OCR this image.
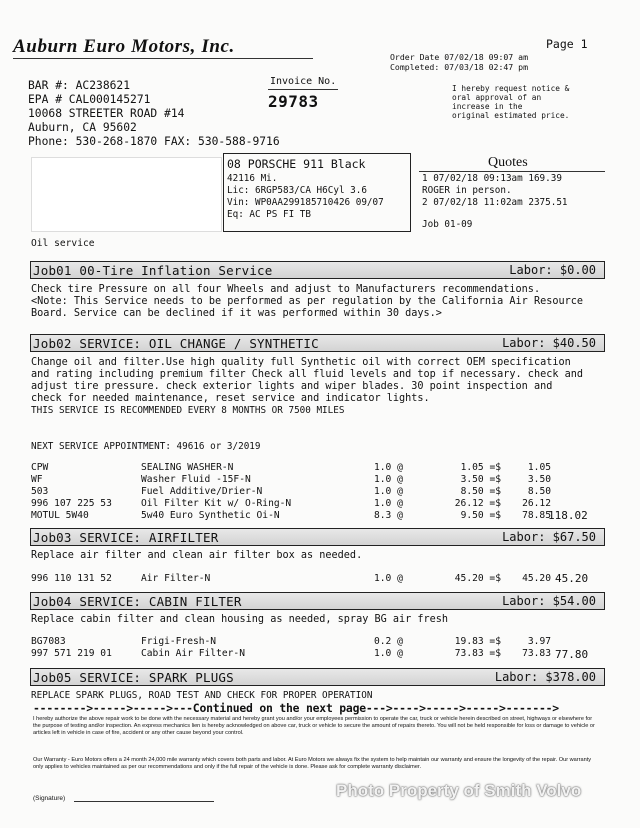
Auburn Euro Motors, Inc.	Page 1
Order Date 07/02/18 09:07 am
Completed: 07/03/18 02:47 pm
BAR #: AC238621
EPA # CAL000145271
10068 STREETER ROAD #14
Auburn, CA 95602
Phone: 530-268-1870 FAX: 530-588-9716
Invoice No.
29783
I hereby request notice &
oral approval of an
increase in the
original estimated price.
08 PORSCHE 911 Black
42116 Mi.
Lic: 6RGP583/CA H6Cyl 3.6
Vin: WP0AA299185710426 09/07
Eq: AC PS FI TB
Quotes
1 07/02/18 09:13am 169.39
ROGER in person.
2 07/02/18 11:02am 2375.51
Job 01-09
Oil service
Job01 00-Tire Inflation Service	Labor: $0.00
Check tire Pressure on all four Wheels and adjust to Manufacturers recommendations.
<Note: This Service needs to be performed as per regulation by the California Air Resource
Board. Service can be declined if it was performed within 30 days.>
Job02 SERVICE: OIL CHANGE / SYNTHETIC	Labor: $40.50
Change oil and filter.Use high quality full Synthetic oil with correct OEM specification
and rating including premium filter Check all fluid levels and top if necessary. check and
adjust tire pressure. check exterior lights and wiper blades. 30 point inspection and
check for needed maintenance, reset service and indicator lights.
THIS SERVICE IS RECOMMENDED EVERY 8 MONTHS OR 7500 MILES
NEXT SERVICE APPOINTMENT: 49616 or 3/2019
CPW	SEALING WASHER-N	1.0 @	1.05 =$	1.05
WF	Washer Fluid -15F-N	1.0 @	3.50 =$	3.50
503	Fuel Additive/Drier-N	1.0 @	8.50 =$	8.50
996 107 225 53	Oil Filter Kit w/ O-Ring-N	1.0 @	26.12 =$	26.12
MOTUL 5W40	5w40 Euro Synthetic Oi-N	8.3 @	9.50 =$	78.85
118.02
Job03 SERVICE: AIRFILTER	Labor: $67.50
Replace air filter and clean air filter box as needed.
996 110 131 52	Air Filter-N	1.0 @	45.20 =$	45.20 45.20
Job04 SERVICE: CABIN FILTER	Labor: $54.00
Replace cabin filter and clean housing as needed, spray BG air fresh
BG7083	Frigi-Fresh-N	0.2 @	19.83 =$	3.97
997 571 219 01	Cabin Air Filter-N	1.0 @	73.83 =$	73.83 77.80
Job05 SERVICE: SPARK PLUGS	Labor: $378.00
REPLACE SPARK PLUGS, ROAD TEST AND CHECK FOR PROPER OPERATION
-------->----->----->---Continued on the next page--->---->----->----->------->
I hereby authorize the above repair work to be done with the necessary material and hereby grant you and/or your employees permission to operate the car, truck or vehicle herein described on street, highways or elsewhere for the purpose of testing and/or inspection. An express mechanics lien is hereby acknowledged on above car, truck or vehicle to secure the amount of repairs thereto. You will not be held responsible for loss or damage to vehicle or articles left in vehicle in case of fire, accident or any other cause beyond your control.
Our Warranty - Euro Motors offers a 24 month 24,000 mile warranty which covers both parts and labor. At Euro Motors we always fix the system to help maintain our warranty and ensure the longevity of the repair. Our warranty only applies to vehicles maintained as per our recommendations and only if the full repair of the vehicle is done. Please ask for complete warranty disclaimer.
(Signature)	Photo Property of Smith Volvo
